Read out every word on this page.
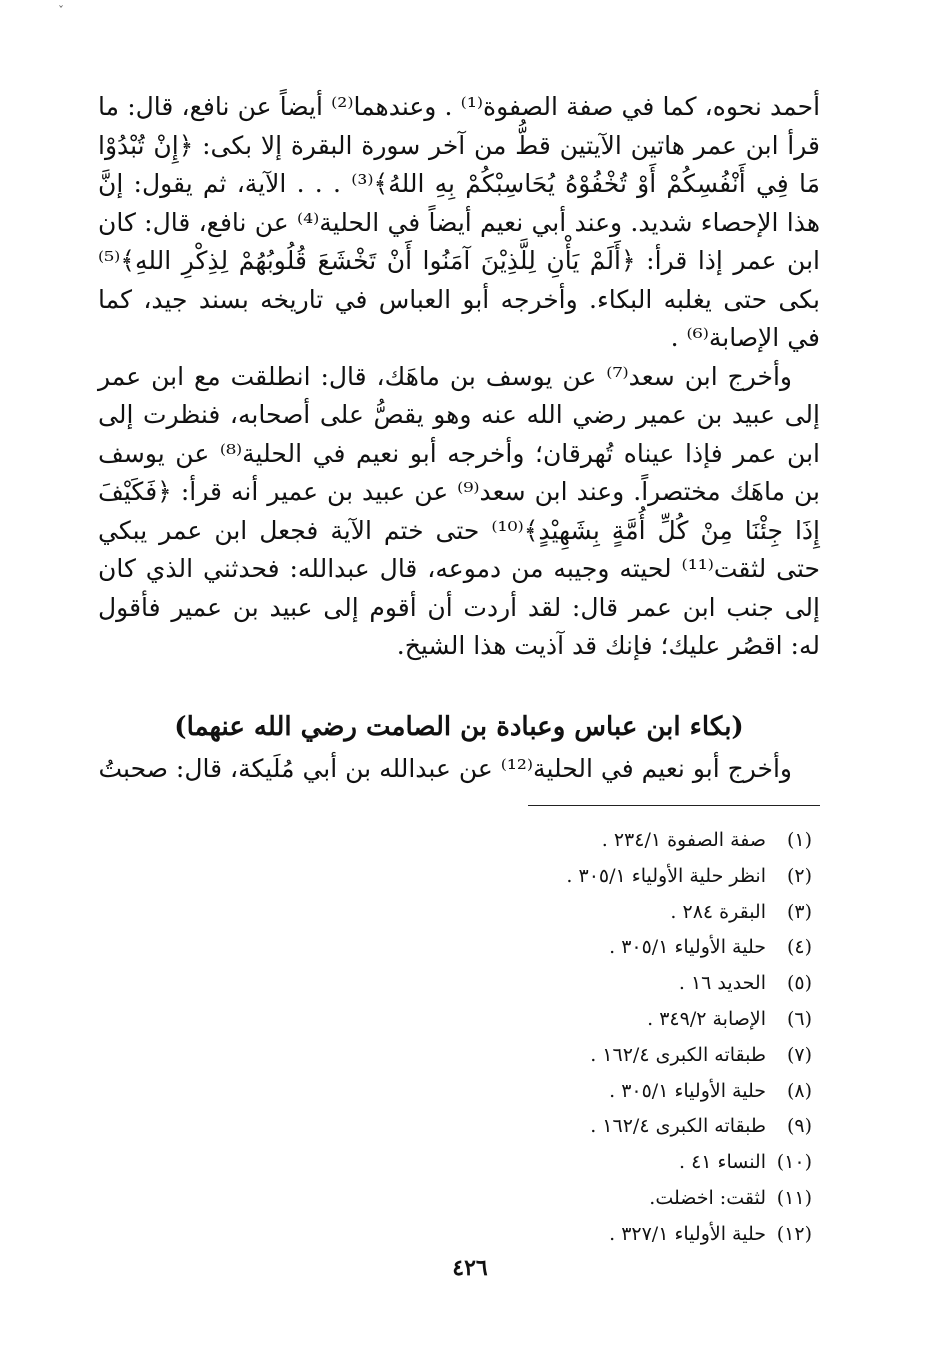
ˇ

أحمد نحوه، كما في صفة الصفوة⁽¹⁾ . وعندهما⁽²⁾ أيضاً عن نافع، قال: ما قرأ ابن عمر هاتين الآيتين قطُّ من آخر سورة البقرة إلا بكى: ﴿إِنْ تُبْدُوْا مَا فِي أَنْفُسِكُمْ أَوْ تُخْفُوْهُ يُحَاسِبْكُمْ بِهِ اللهُ﴾⁽³⁾ . . . الآية، ثم يقول: إنَّ هذا الإحصاء شديد. وعند أبي نعيم أيضاً في الحلية⁽⁴⁾ عن نافع، قال: كان ابن عمر إذا قرأ: ﴿أَلَمْ يَأْنِ لِلَّذِيْنَ آمَنُوا أَنْ تَخْشَعَ قُلُوبُهُمْ لِذِكْرِ اللهِ﴾⁽⁵⁾ بكى حتى يغلبه البكاء. وأخرجه أبو العباس في تاريخه بسند جيد، كما في الإصابة⁽⁶⁾ .

وأخرج ابن سعد⁽⁷⁾ عن يوسف بن ماهَك، قال: انطلقت مع ابن عمر إلى عبيد بن عمير رضي الله عنه وهو يقصُّ على أصحابه، فنظرت إلى ابن عمر فإذا عيناه تُهرقان؛ وأخرجه أبو نعيم في الحلية⁽⁸⁾ عن يوسف بن ماهَك مختصراً. وعند ابن سعد⁽⁹⁾ عن عبيد بن عمير أنه قرأ: ﴿فَكَيْفَ إِذَا جِئْنَا مِنْ كُلِّ أُمَّةٍ بِشَهِيْدٍ﴾⁽¹⁰⁾ حتى ختم الآية فجعل ابن عمر يبكي حتى لثقت⁽¹¹⁾ لحيته وجيبه من دموعه، قال عبدالله: فحدثني الذي كان إلى جنب ابن عمر قال: لقد أردت أن أقوم إلى عبيد بن عمير فأقول له: اقصُر عليك؛ فإنك قد آذيت هذا الشيخ.

(بكاء ابن عباس وعبادة بن الصامت رضي الله عنهما)
وأخرج أبو نعيم في الحلية⁽¹²⁾ عن عبدالله بن أبي مُلَيكة، قال: صحبتُ
(١)
صفة الصفوة ٢٣٤/١ .
(٢)
انظر حلية الأولياء ٣٠٥/١ .
(٣)
البقرة ٢٨٤ .
(٤)
حلية الأولياء ٣٠٥/١ .
(٥)
الحديد ١٦ .
(٦)
الإصابة ٣٤٩/٢ .
(٧)
طبقاته الكبرى ١٦٢/٤ .
(٨)
حلية الأولياء ٣٠٥/١ .
(٩)
طبقاته الكبرى ١٦٢/٤ .
(١٠)
النساء ٤١ .
(١١)
لثقت: اخضلت.
(١٢)
حلية الأولياء ٣٢٧/١ .
٤٢٦
